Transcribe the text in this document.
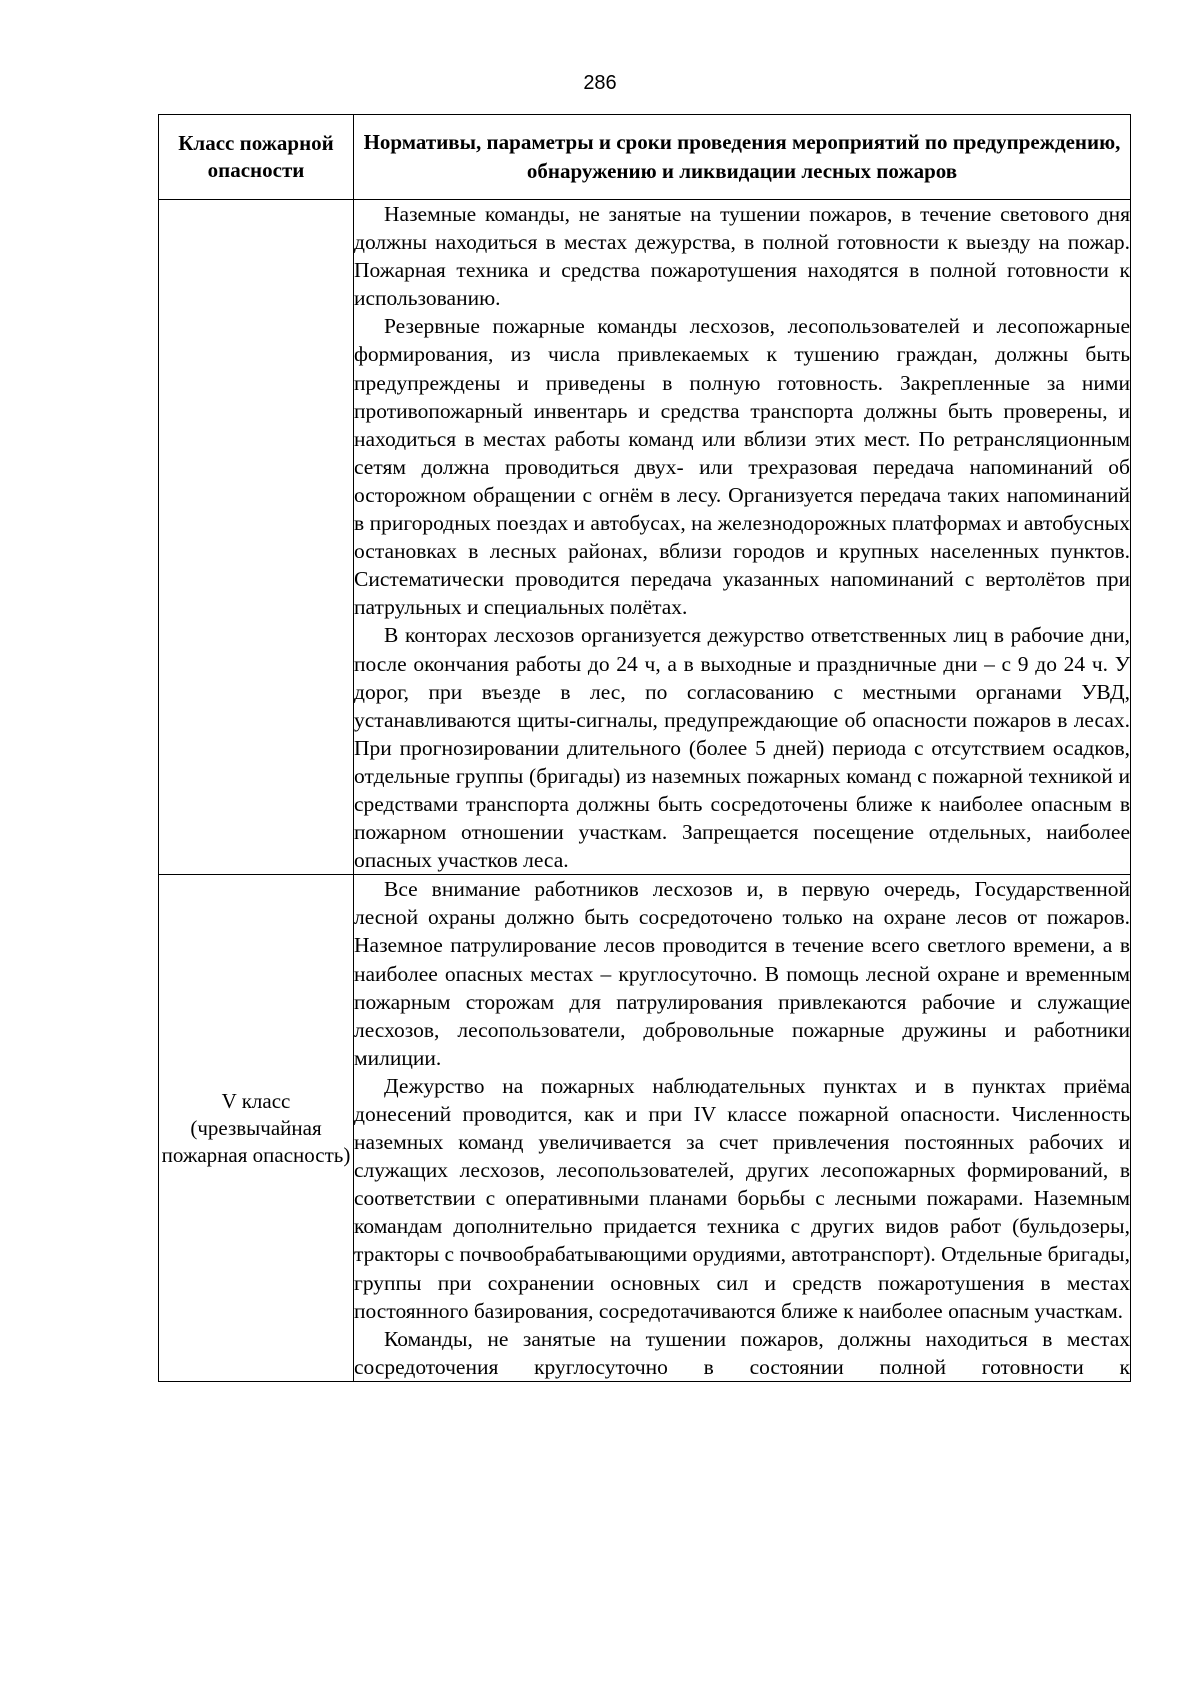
286
Класс пожарной опасности	Нормативы, параметры и сроки проведения мероприятий по предупреждению, обнаружению и ликвидации лесных пожаров

	Наземные команды, не занятые на тушении пожаров, в течение светового дня должны находиться в местах дежурства, в полной готовности к выезду на пожар. Пожарная техника и средства пожаротушения находятся в полной готовности к использованию.

Резервные пожарные команды лесхозов, лесопользователей и лесопожарные формирования, из числа привлекаемых к тушению граждан, должны быть предупреждены и приведены в полную готовность. Закрепленные за ними противопожарный инвентарь и средства транспорта должны быть проверены, и находиться в местах работы команд или вблизи этих мест. По ретрансляционным сетям должна проводиться двух- или трехразовая передача напоминаний об осторожном обращении с огнём в лесу. Организуется передача таких напоминаний в пригородных поездах и автобусах, на железнодорожных платформах и автобусных остановках в лесных районах, вблизи городов и крупных населенных пунктов. Систематически проводится передача указанных напоминаний с вертолётов при патрульных и специальных полётах.

В конторах лесхозов организуется дежурство ответственных лиц в рабочие дни, после окончания работы до 24 ч, а в выходные и праздничные дни – с 9 до 24 ч. У дорог, при въезде в лес, по согласованию с местными органами УВД, устанавливаются щиты-сигналы, предупреждающие об опасности пожаров в лесах. При прогнозировании длительного (более 5 дней) периода с отсутствием осадков, отдельные группы (бригады) из наземных пожарных команд с пожарной техникой и средствами транспорта должны быть сосредоточены ближе к наиболее опасным в пожарном отношении участкам. Запрещается посещение отдельных, наиболее опасных участков леса.

V класс (чрезвычайная пожарная опасность)	Все внимание работников лесхозов и, в первую очередь, Государственной лесной охраны должно быть сосредоточено только на охране лесов от пожаров. Наземное патрулирование лесов проводится в течение всего светлого времени, а в наиболее опасных местах – круглосуточно. В помощь лесной охране и временным пожарным сторожам для патрулирования привлекаются рабочие и служащие лесхозов, лесопользователи, добровольные пожарные дружины и работники милиции.

Дежурство на пожарных наблюдательных пунктах и в пунктах приёма донесений проводится, как и при IV классе пожарной опасности. Численность наземных команд увеличивается за счет привлечения постоянных рабочих и служащих лесхозов, лесопользователей, других лесопожарных формирований, в соответствии с оперативными планами борьбы с лесными пожарами. Наземным командам дополнительно придается техника с других видов работ (бульдозеры, тракторы с почвообрабатывающими орудиями, автотранспорт). Отдельные бригады, группы при сохранении основных сил и средств пожаротушения в местах постоянного базирования, сосредотачиваются ближе к наиболее опасным участкам.

Команды, не занятые на тушении пожаров, должны находиться в местах сосредоточения круглосуточно в состоянии полной готовности к
